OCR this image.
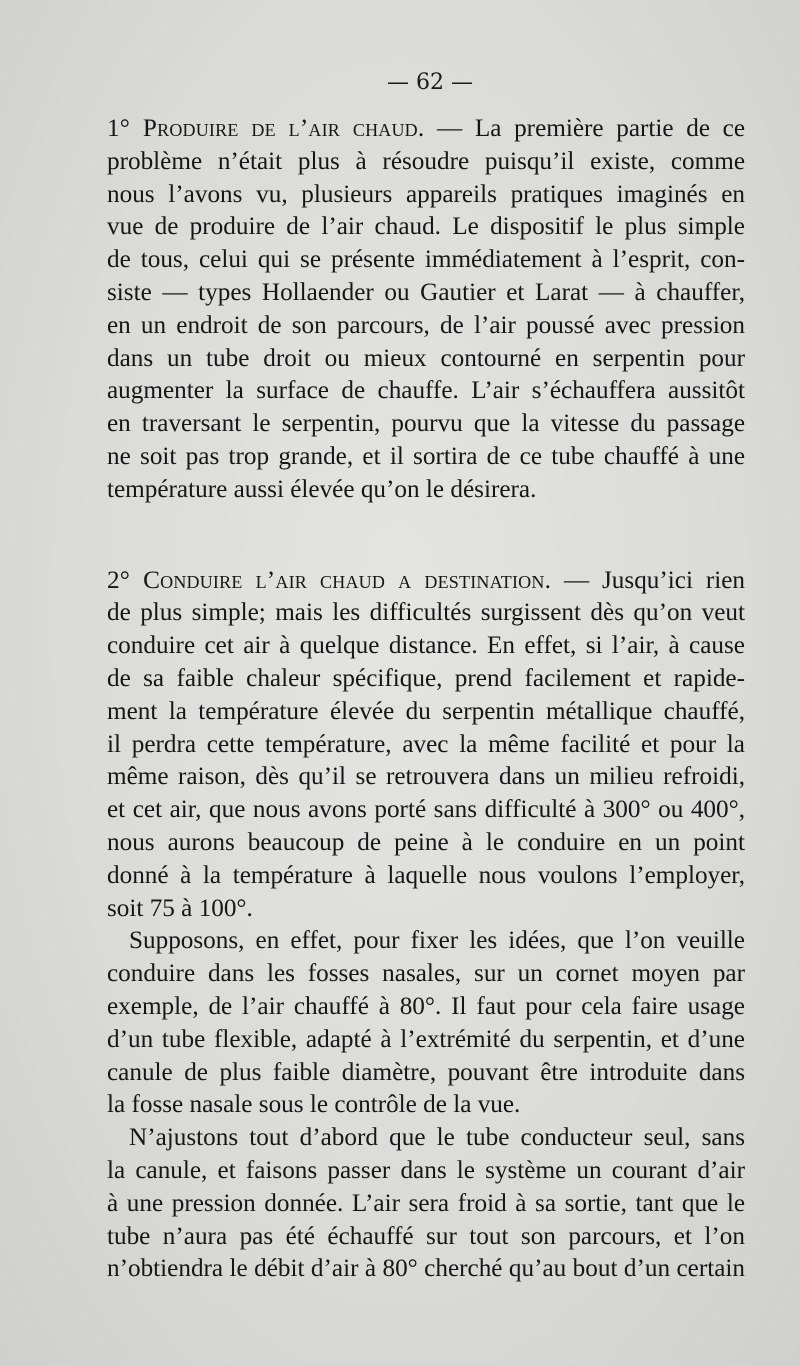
— 62 —
1° Produire de l’air chaud. — La première partie de ce
problème n’était plus à résoudre puisqu’il existe, comme
nous l’avons vu, plusieurs appareils pratiques imaginés en
vue de produire de l’air chaud. Le dispositif le plus simple
de tous, celui qui se présente immédiatement à l’esprit, con-
siste — types Hollaender ou Gautier et Larat — à chauffer,
en un endroit de son parcours, de l’air poussé avec pression
dans un tube droit ou mieux contourné en serpentin pour
augmenter la surface de chauffe. L’air s’échauffera aussitôt
en traversant le serpentin, pourvu que la vitesse du passage
ne soit pas trop grande, et il sortira de ce tube chauffé à une
température aussi élevée qu’on le désirera.
2° Conduire l’air chaud a destination. — Jusqu’ici rien
de plus simple; mais les difficultés surgissent dès qu’on veut
conduire cet air à quelque distance. En effet, si l’air, à cause
de sa faible chaleur spécifique, prend facilement et rapide-
ment la température élevée du serpentin métallique chauffé,
il perdra cette température, avec la même facilité et pour la
même raison, dès qu’il se retrouvera dans un milieu refroidi,
et cet air, que nous avons porté sans difficulté à 300° ou 400°,
nous aurons beaucoup de peine à le conduire en un point
donné à la température à laquelle nous voulons l’employer,
soit 75 à 100°.
Supposons, en effet, pour fixer les idées, que l’on veuille
conduire dans les fosses nasales, sur un cornet moyen par
exemple, de l’air chauffé à 80°. Il faut pour cela faire usage
d’un tube flexible, adapté à l’extrémité du serpentin, et d’une
canule de plus faible diamètre, pouvant être introduite dans
la fosse nasale sous le contrôle de la vue.
N’ajustons tout d’abord que le tube conducteur seul, sans
la canule, et faisons passer dans le système un courant d’air
à une pression donnée. L’air sera froid à sa sortie, tant que le
tube n’aura pas été échauffé sur tout son parcours, et l’on
n’obtiendra le débit d’air à 80° cherché qu’au bout d’un certain
